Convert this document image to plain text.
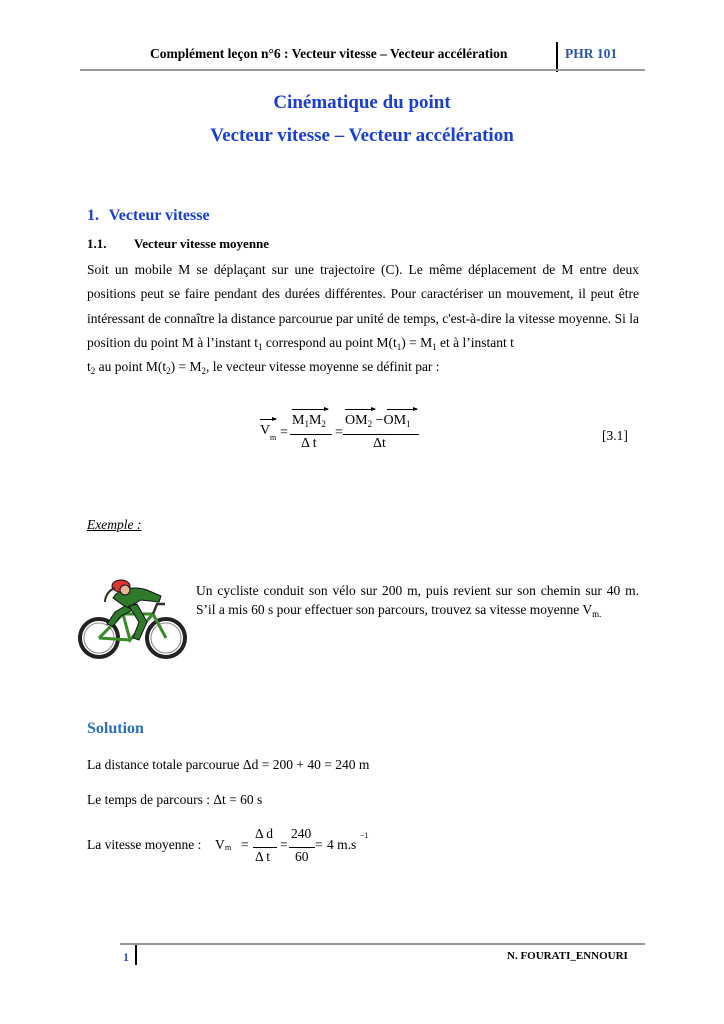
Complément leçon n°6 : Vecteur vitesse – Vecteur accélération	PHR 101
Cinématique du point
Vecteur vitesse – Vecteur accélération
1. Vecteur vitesse
1.1. Vecteur vitesse moyenne

Soit un mobile M se déplaçant sur une trajectoire (C). Le même déplacement de M entre deux positions peut se faire pendant des durées différentes. Pour caractériser un mouvement, il peut être intéressant de connaître la distance parcourue par unité de temps, c'est-à-dire la vitesse moyenne. Si la position du point M à l’instant $t_1$ correspond au point $M(t_1) = M_1$ et à l’instant t

$t_2$ au point $M(t_2) = M_2$, le vecteur vitesse moyenne se définit par :
V m =
$M_1M_2$
Δ t
=
$OM_2 -OM_1$
Δt
[3.1]
Exemple :
Un cycliste conduit son vélo sur 200 m, puis revient sur son chemin sur 40 m. S’il a mis 60 s pour effectuer son parcours, trouvez sa vitesse moyenne $V_{m.}$
Solution
La distance totale parcourue Δd = 200 + 40 = 240 m
Le temps de parcours : Δt = 60 s
La vitesse moyenne : V m =
Δ d
Δ t
=
240
60
= 4 m.s
−1
1	N. FOURATI_ENNOURI
